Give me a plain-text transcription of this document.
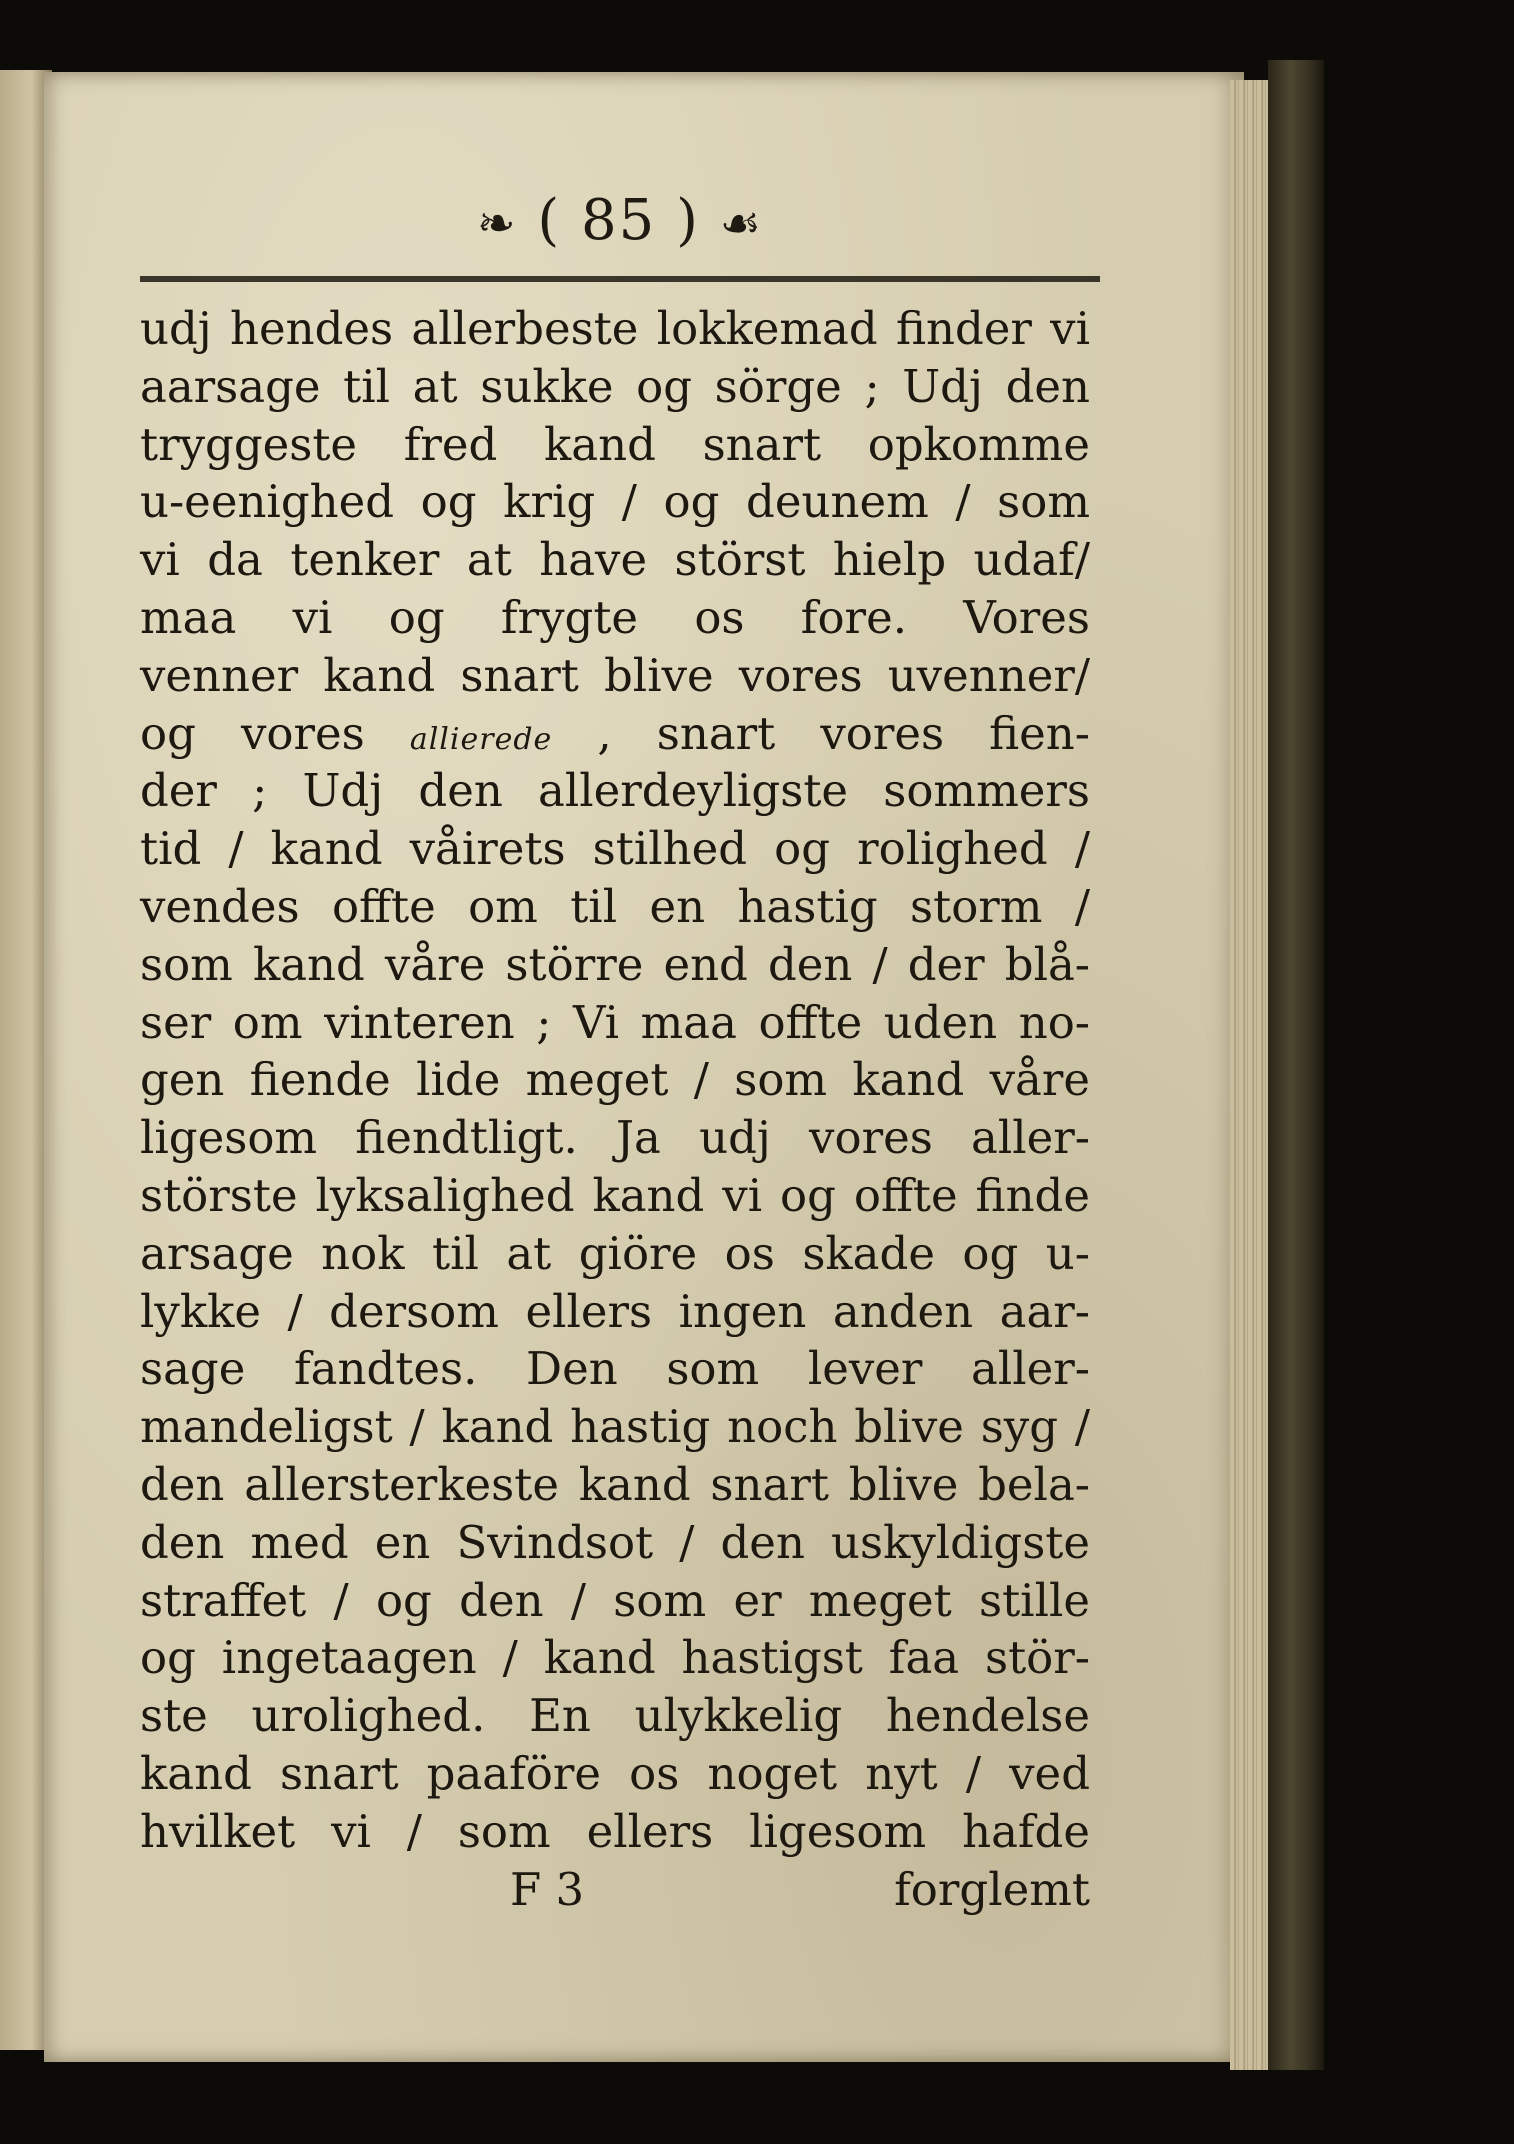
❧ ( 85 ) ☙
udj hendes allerbeste lokkemad finder vi
aarsage til at sukke og sörge ; Udj den
tryggeste fred kand snart opkomme
u-eenighed og krig / og deunem / som
vi da tenker at have störst hielp udaf/
maa vi og frygte os fore. Vores
venner kand snart blive vores uvenner/
og vores allierede , snart vores fien-
der ; Udj den allerdeyligste sommers
tid / kand våirets stilhed og rolighed /
vendes offte om til en hastig storm /
som kand våre större end den / der blå-
ser om vinteren ; Vi maa offte uden no-
gen fiende lide meget / som kand våre
ligesom fiendtligt. Ja udj vores aller-
störste lyksalighed kand vi og offte finde
arsage nok til at giöre os skade og u-
lykke / dersom ellers ingen anden aar-
sage fandtes. Den som lever aller-
mandeligst / kand hastig noch blive syg /
den allersterkeste kand snart blive bela-
den med en Svindsot / den uskyldigste
straffet / og den / som er meget stille
og ingetaagen / kand hastigst faa stör-
ste urolighed. En ulykkelig hendelse
kand snart paaföre os noget nyt / ved
hvilket vi / som ellers ligesom hafde
F 3	forglemt
